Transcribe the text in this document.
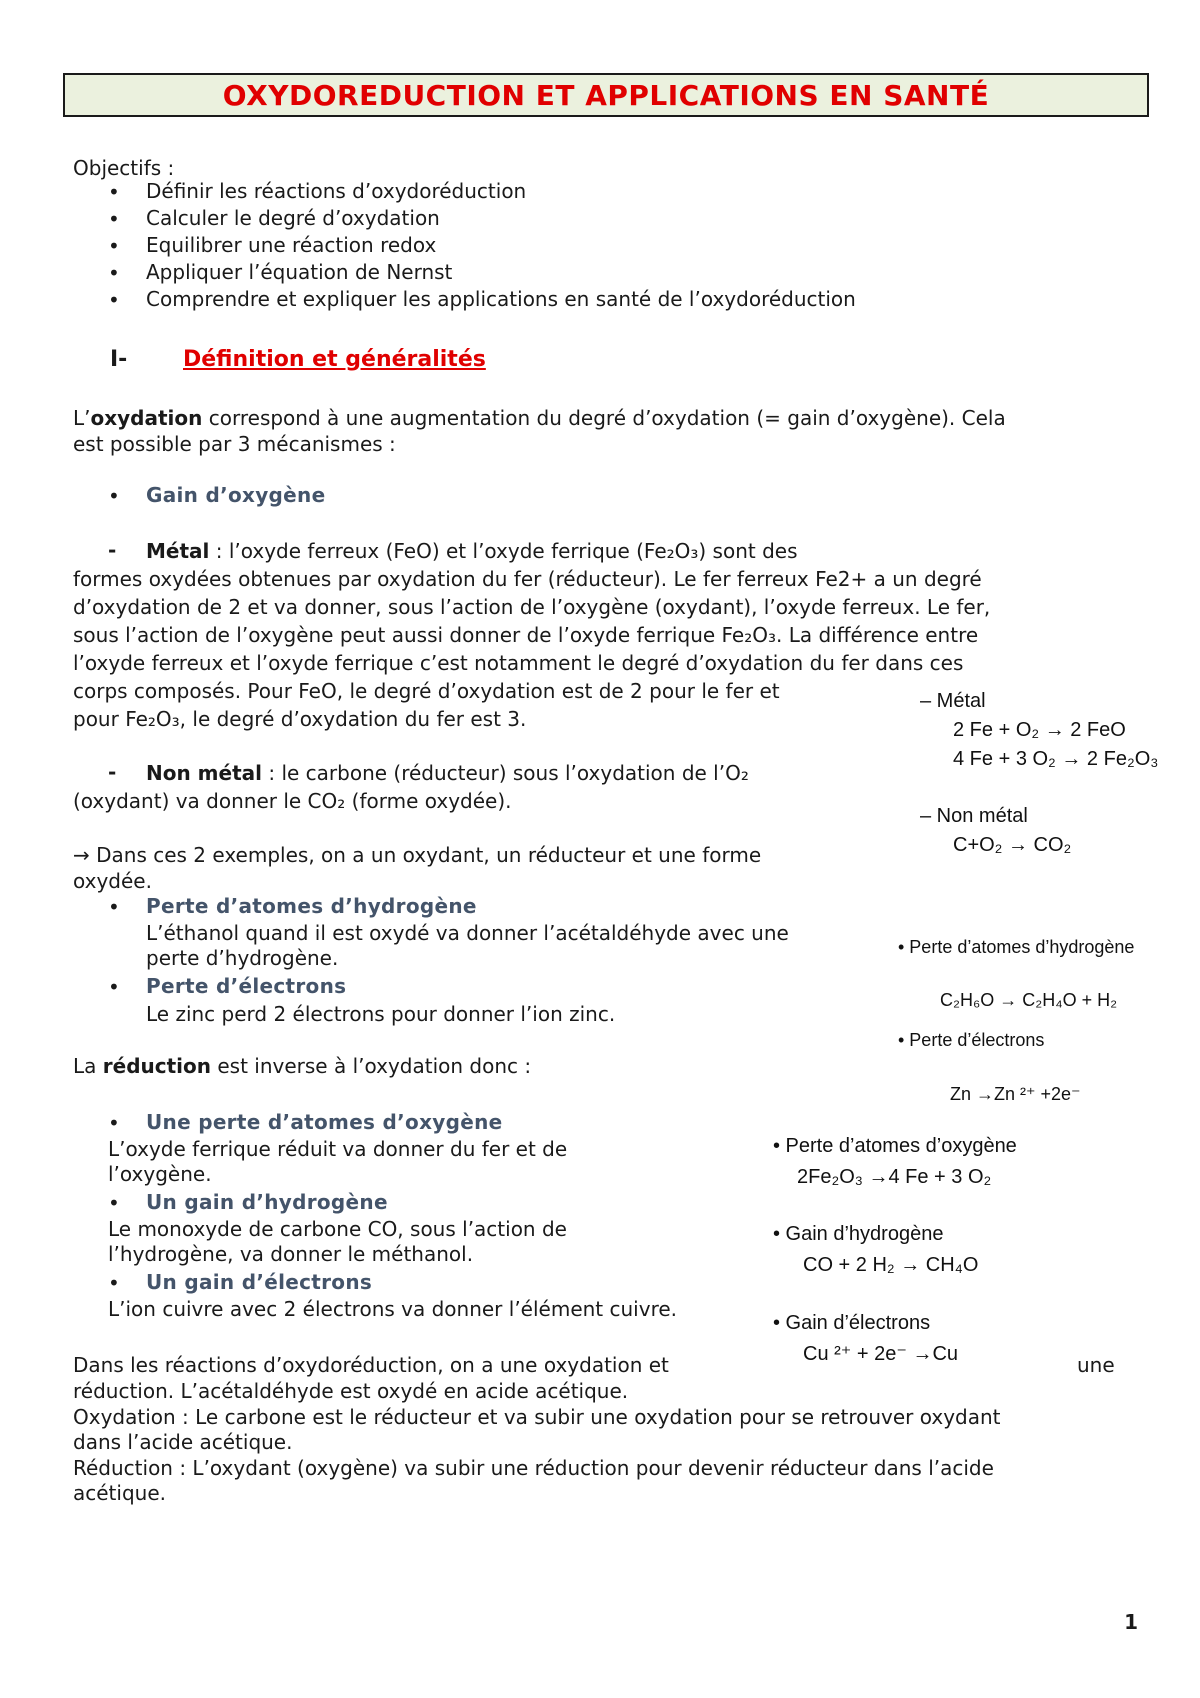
OXYDOREDUCTION ET APPLICATIONS EN SANTÉ
Objectifs :
• Définir les réactions d’oxydoréduction
• Calculer le degré d’oxydation
• Equilibrer une réaction redox
• Appliquer l’équation de Nernst
• Comprendre et expliquer les applications en santé de l’oxydoréduction
I-	Définition et généralités
L’oxydation correspond à une augmentation du degré d’oxydation (= gain d’oxygène). Cela
est possible par 3 mécanismes :
• Gain d’oxygène
- Métal : l’oxyde ferreux (FeO) et l’oxyde ferrique (Fe₂O₃) sont des
formes oxydées obtenues par oxydation du fer (réducteur). Le fer ferreux Fe2+ a un degré
d’oxydation de 2 et va donner, sous l’action de l’oxygène (oxydant), l’oxyde ferreux. Le fer,
sous l’action de l’oxygène peut aussi donner de l’oxyde ferrique Fe₂O₃. La différence entre
l’oxyde ferreux et l’oxyde ferrique c’est notamment le degré d’oxydation du fer dans ces
corps composés. Pour FeO, le degré d’oxydation est de 2 pour le fer et
pour Fe₂O₃, le degré d’oxydation du fer est 3.
- Non métal : le carbone (réducteur) sous l’oxydation de l’O₂
(oxydant) va donner le CO₂ (forme oxydée).
→ Dans ces 2 exemples, on a un oxydant, un réducteur et une forme
oxydée.
• Perte d’atomes d’hydrogène
L’éthanol quand il est oxydé va donner l’acétaldéhyde avec une
perte d’hydrogène.
• Perte d’électrons
Le zinc perd 2 électrons pour donner l’ion zinc.
La réduction est inverse à l’oxydation donc :
• Une perte d’atomes d’oxygène
L’oxyde ferrique réduit va donner du fer et de
l’oxygène.
• Un gain d’hydrogène
Le monoxyde de carbone CO, sous l’action de
l’hydrogène, va donner le méthanol.
• Un gain d’électrons
L’ion cuivre avec 2 électrons va donner l’élément cuivre.
Dans les réactions d’oxydoréduction, on a une oxydation et	une
réduction. L’acétaldéhyde est oxydé en acide acétique.
Oxydation : Le carbone est le réducteur et va subir une oxydation pour se retrouver oxydant
dans l’acide acétique.
Réduction : L’oxydant (oxygène) va subir une réduction pour devenir réducteur dans l’acide
acétique.
– Métal
2 Fe + O₂ → 2 FeO
4 Fe + 3 O₂ → 2 Fe₂O₃
– Non métal
C+O₂ → CO₂
• Perte d’atomes d’hydrogène
C₂H₆O → C₂H₄O + H₂
• Perte d’électrons
Zn →Zn ²⁺ +2e⁻
• Perte d’atomes d’oxygène
2Fe₂O₃ →4 Fe + 3 O₂
• Gain d’hydrogène
CO + 2 H₂ → CH₄O
• Gain d’électrons
Cu ²⁺ + 2e⁻ →Cu
1
